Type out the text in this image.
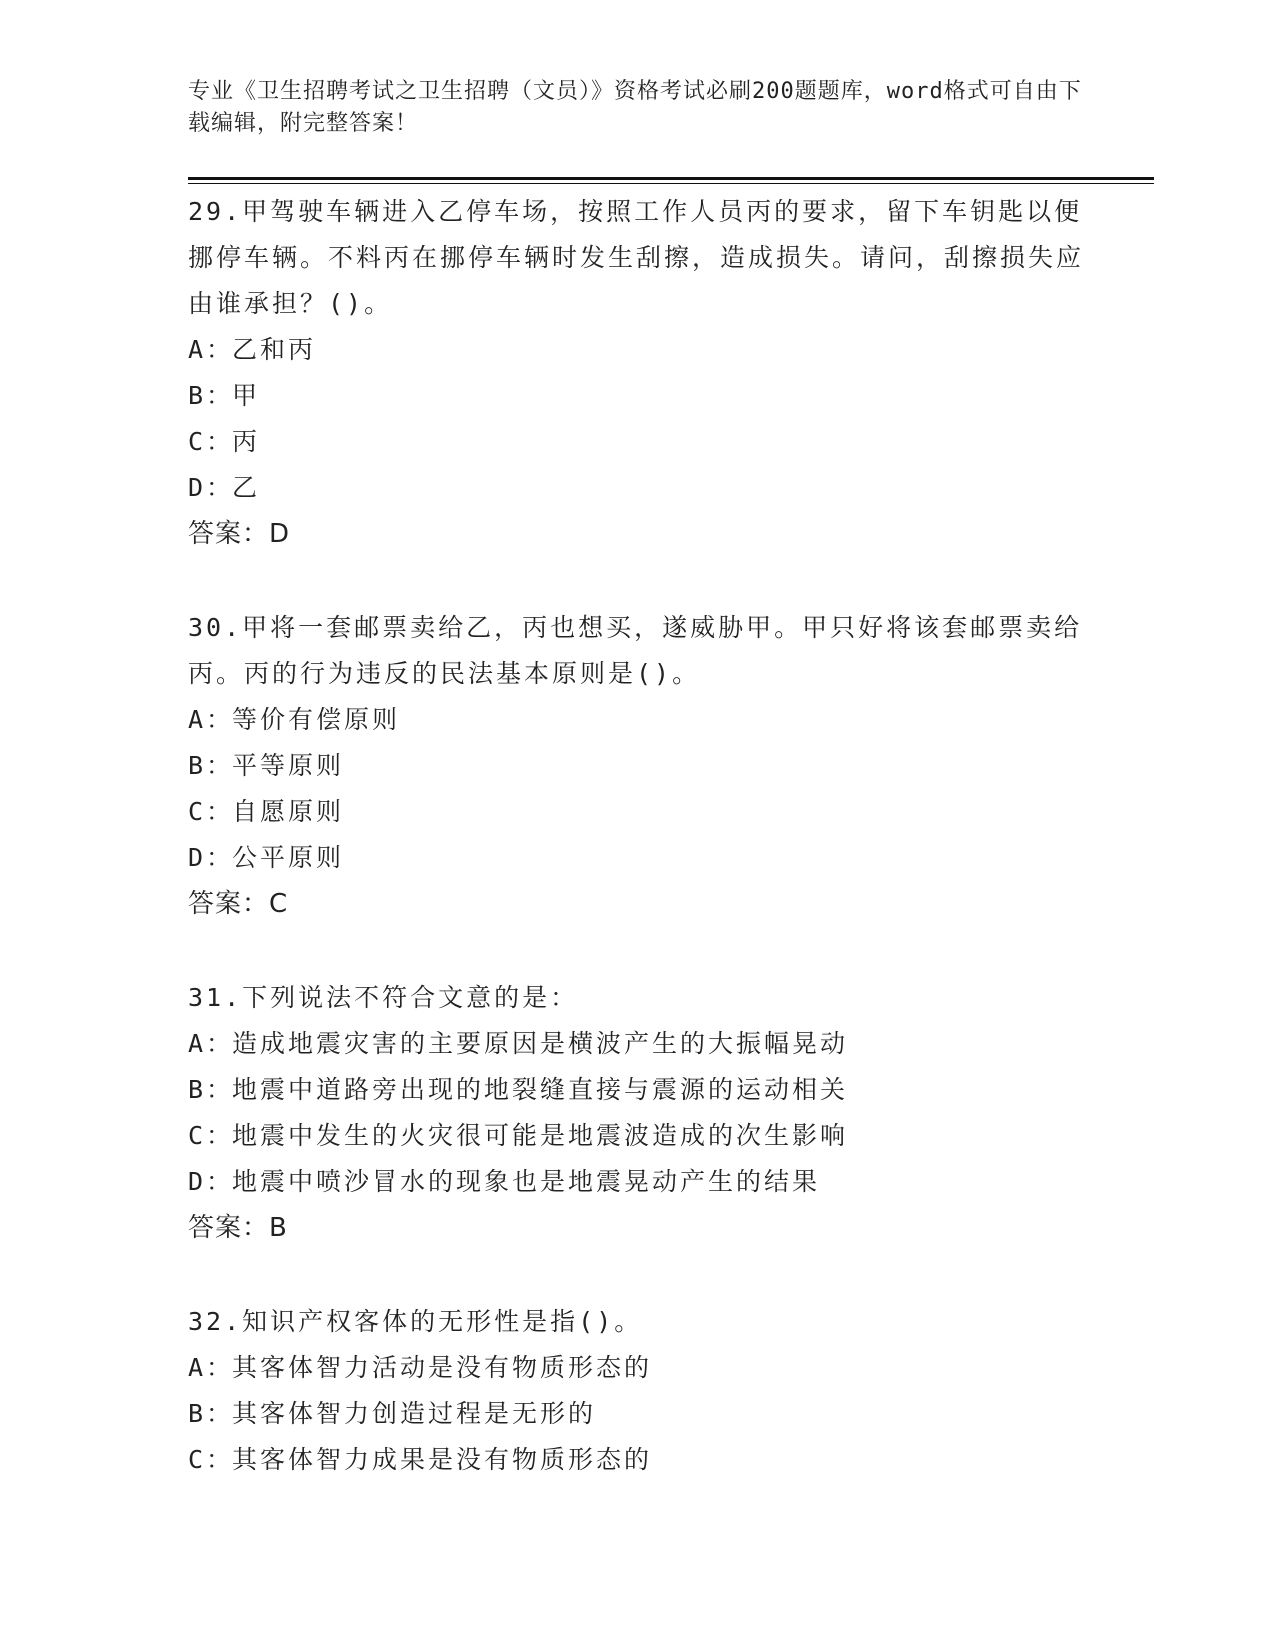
专业《卫生招聘考试之卫生招聘（文员）》资格考试必刷200题题库，word格式可自由下载编辑，附完整答案！
29.甲驾驶车辆进入乙停车场，按照工作人员丙的要求，留下车钥匙以便挪停车辆。不料丙在挪停车辆时发生刮擦，造成损失。请问，刮擦损失应由谁承担？()。
A：乙和丙
B：甲
C：丙
D：乙
答案：D
30.甲将一套邮票卖给乙，丙也想买，遂威胁甲。甲只好将该套邮票卖给丙。丙的行为违反的民法基本原则是()。
A：等价有偿原则
B：平等原则
C：自愿原则
D：公平原则
答案：C
31.下列说法不符合文意的是：
A：造成地震灾害的主要原因是横波产生的大振幅晃动
B：地震中道路旁出现的地裂缝直接与震源的运动相关
C：地震中发生的火灾很可能是地震波造成的次生影响
D：地震中喷沙冒水的现象也是地震晃动产生的结果
答案：B
32.知识产权客体的无形性是指()。
A：其客体智力活动是没有物质形态的
B：其客体智力创造过程是无形的
C：其客体智力成果是没有物质形态的
